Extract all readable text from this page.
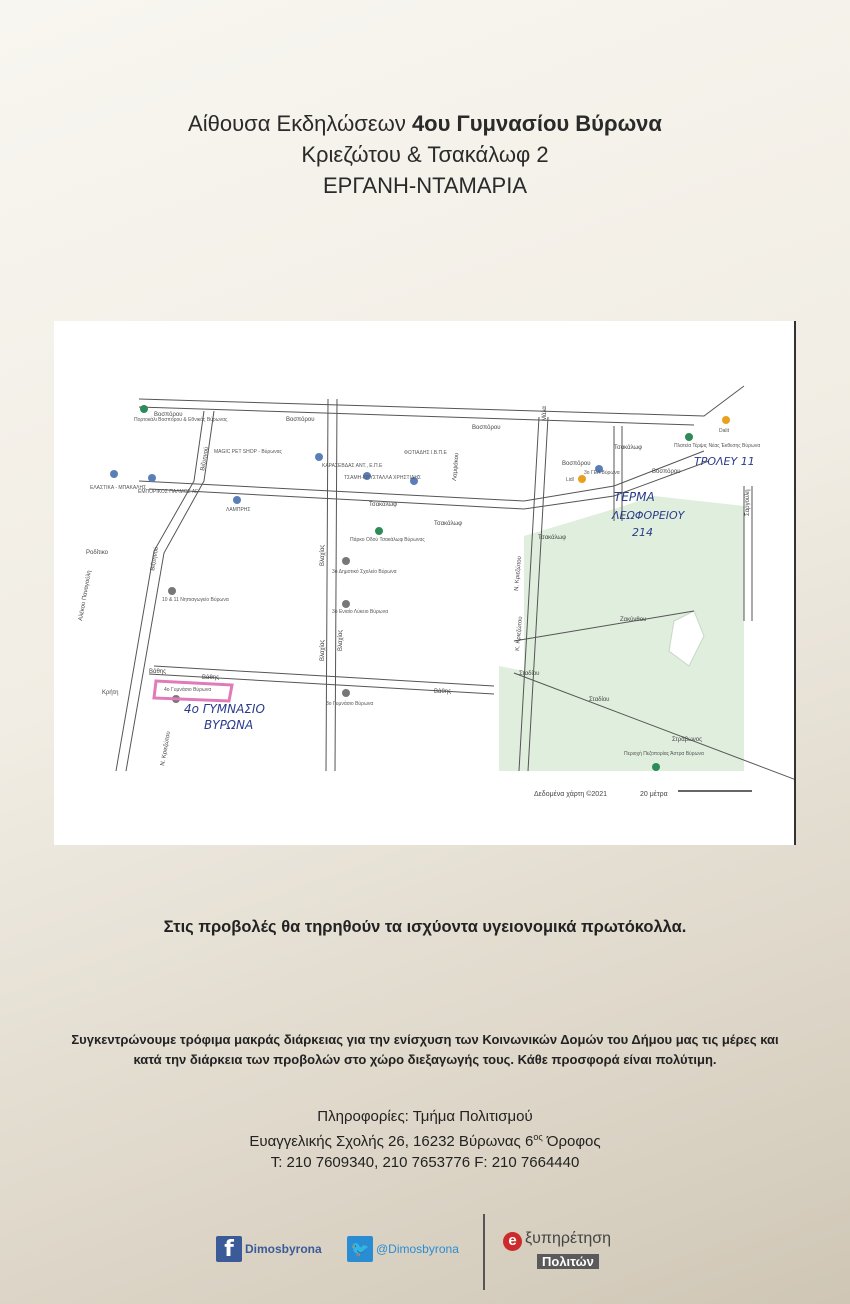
Αίθουσα Εκδηλώσεων 4ου Γυμνασίου Βύρωνα
Κριεζώτου & Τσακάλωφ 2
ΕΡΓΑΝΗ-ΝΤΑΜΑΡΙΑ
Βοσπόρου
Βοσπόρου
Βοσπόρου
Βοσπόρου
Βοσπόρου
Τσακάλωφ
Τσακάλωφ
Τσακάλωφ
Τσακάλωφ
Ζακύνθου
Σταδίου
Σταδίου
Στράβωνος
Βάθης
Βάθης
Βάθης
Κρήτη
Ροδίτικο
Αλέκου Παναγούλη
Βιζυηνού
Βιζυηνού
Βλαχίας
Βλαχίας
Βλαχίας
Λαμψάκου
Ν. Κριεζώτου
Ν. Κριεζώτου
Κ. Κριεζώτου
Μάλα
Σαργούλη
Πορτοκάλι Βοσπόρου & Εθνικός Βύρωνας
MAGIC PET SHOP - Βύρωνας
ΚΑΡΑΣΕΒΔΑΣ ΑΝΤ., Ε.Π.Ε
ΦΩΤΙΑΔΗΣ Ι.Β.Π.Ε
ΕΛΑΣΤΙΚΑ - ΜΠΑΚΑΛΗΣ
ΕΜΠΟΡΙΚΟΣ ΠΑΛΜΟΣ ΑΕ
ΛΑΜΠΡΗΣ
ΤΣΑΜΗ-ΚΡΥΣΤΑΛΛΑ ΧΡΗΣΤΙΔΗΣ
Πάρκο Οδού Τσακάλωφ Βύρωνας
3ο ΓΕΛ Βύρωνα
Πλατεία Τέρψις Νέας Έκθεσης Βύρωνα
Lidl
10 & 11 Νηπιαγωγείο Βύρωνα
3ο Δημοτικό Σχολείο Βύρωνα
3ο Ενιαίο Λύκειο Βύρωνα
4ο Γυμνάσιο Βύρωνα
3ο Γυμνάσιο Βύρωνα
Περιοχή Πεζοπορίας Άστρα Βύρωνα
Dalit
ΤΡΟΛΕΥ 11
ΤΕΡΜΑ
ΛΕΩΦΟΡΕΙΟΥ
214
4ο ΓΥΜΝΑΣΙΟ
ΒΥΡΩΝΑ
Δεδομένα χάρτη ©2021	20 μέτρα
Στις προβολές θα τηρηθούν τα ισχύοντα υγειονομικά πρωτόκολλα.
Συγκεντρώνουμε τρόφιμα μακράς διάρκειας για την ενίσχυση των Κοινωνικών Δομών του Δήμου μας τις μέρες και
κατά την διάρκεια των προβολών στο χώρο διεξαγωγής τους. Κάθε προσφορά είναι πολύτιμη.
Πληροφορίες: Τμήμα Πολιτισμού
Ευαγγελικής Σχολής 26, 16232 Βύρωνας $6^{o\varsigma}$ Όροφος
Τ: 210 7609340, 210 7653776 F: 210 7664440
f Dimosbyrona 🐦 @Dimosbyrona	e ξυπηρέτηση
Πολιτών
